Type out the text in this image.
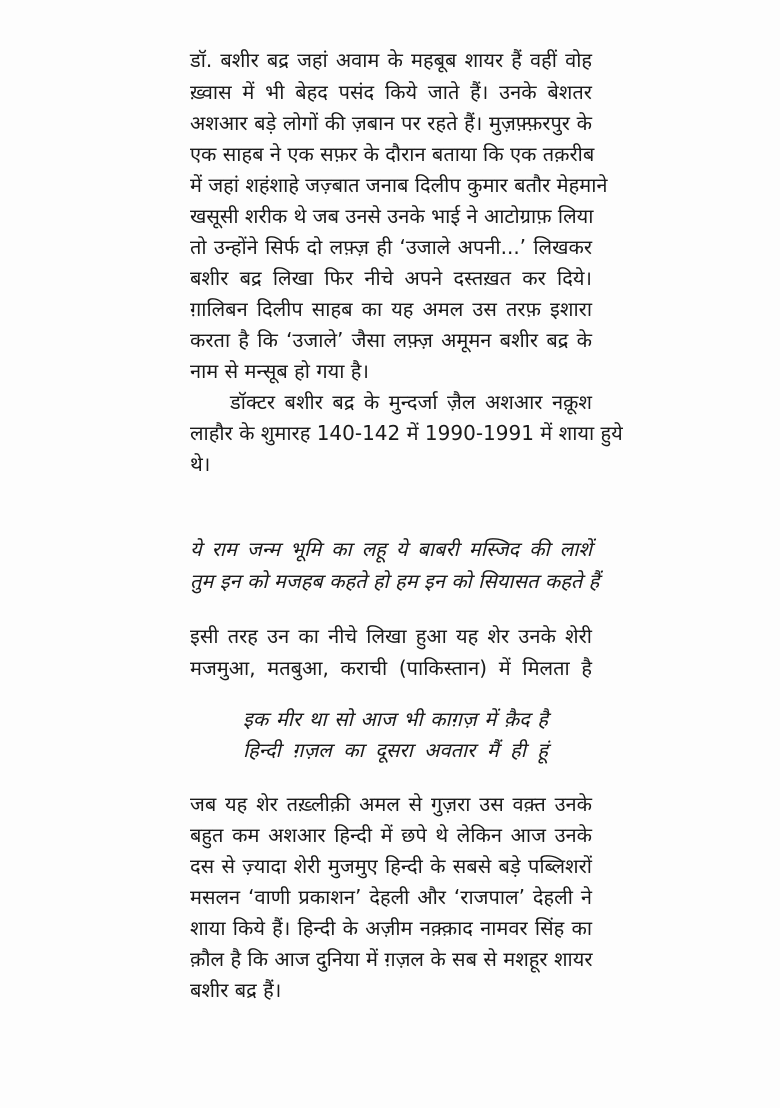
डॉ. बशीर बद्र जहां अवाम के महबूब शायर हैं वहीं वोह
ख़्वास में भी बेहद पसंद किये जाते हैं। उनके बेशतर
अशआर बड़े लोगों की ज़बान पर रहते हैं। मुज़फ़्फ़रपुर के
एक साहब ने एक सफ़र के दौरान बताया कि एक तक़रीब
में जहां शहंशाहे जज़्बात जनाब दिलीप कुमार बतौर मेहमाने
खसूसी शरीक थे जब उनसे उनके भाई ने आटोग्राफ़ लिया
तो उन्होंने सिर्फ दो लफ़्ज़ ही ‘उजाले अपनी...’ लिखकर
बशीर बद्र लिखा फिर नीचे अपने दस्तख़त कर दिये।
ग़ालिबन दिलीप साहब का यह अमल उस तरफ़ इशारा
करता है कि ‘उजाले’ जैसा लफ़्ज़ अमूमन बशीर बद्र के
नाम से मन्सूब हो गया है।
डॉक्टर बशीर बद्र के मुन्दर्जा ज़ैल अशआर नक़ूश
लाहौर के शुमारह 140-142 में 1990-1991 में शाया हुये
थे।
ये राम जन्म भूमि का लहू ये बाबरी मस्जिद की लाशें
तुम इन को मजहब कहते हो हम इन को सियासत कहते हैं
इसी तरह उन का नीचे लिखा हुआ यह शेर उनके शेरी
मजमुआ, मतबुआ, कराची (पाकिस्तान) में मिलता है
इक मीर था सो आज भी काग़ज़ में क़ैद है
हिन्दी ग़ज़ल का दूसरा अवतार मैं ही हूं
जब यह शेर तख़्लीक़ी अमल से गुज़रा उस वक़्त उनके
बहुत कम अशआर हिन्दी में छपे थे लेकिन आज उनके
दस से ज़्यादा शेरी मुजमुए हिन्दी के सबसे बड़े पब्लिशरों
मसलन ‘वाणी प्रकाशन’ देहली और ‘राजपाल’ देहली ने
शाया किये हैं। हिन्दी के अज़ीम नक़्क़ाद नामवर सिंह का
क़ौल है कि आज दुनिया में ग़ज़ल के सब से मशहूर शायर
बशीर बद्र हैं।
